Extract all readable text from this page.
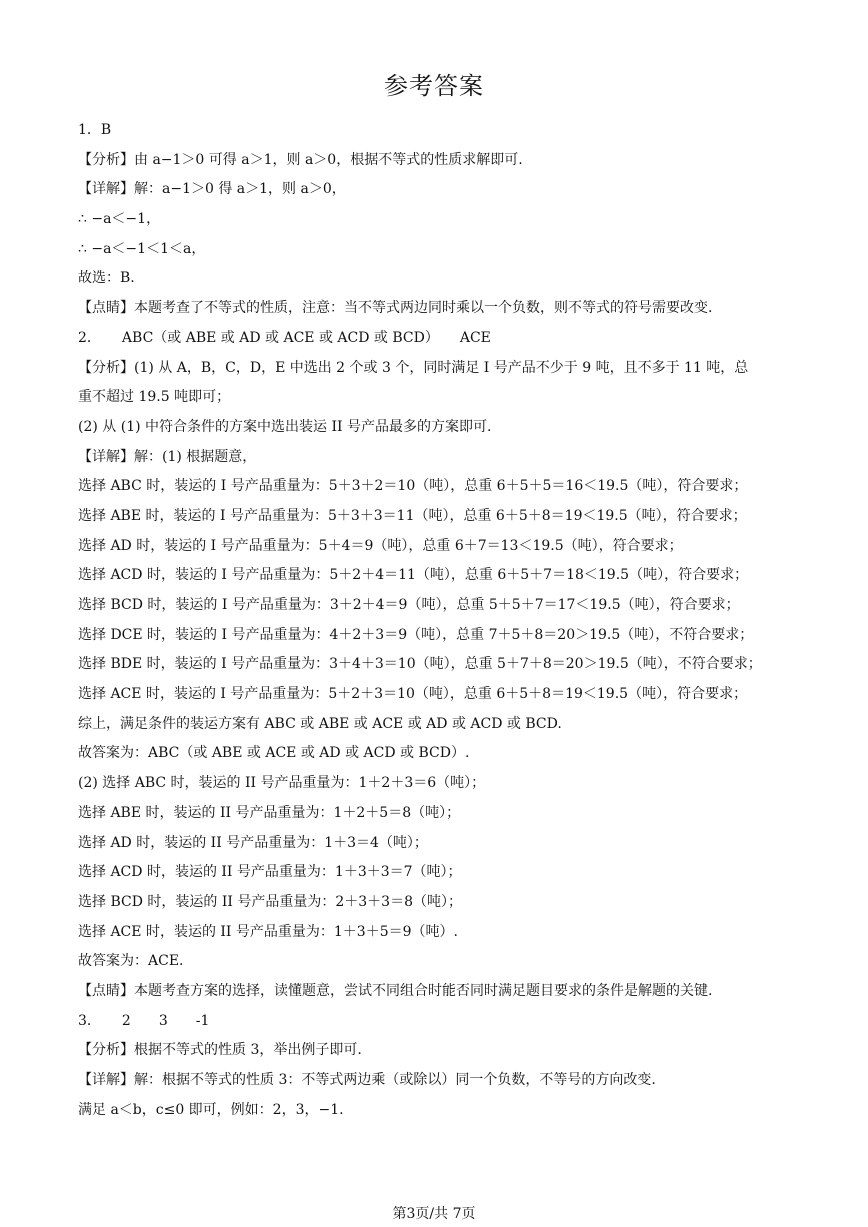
参考答案
1．B
【分析】由 a−1＞0 可得 a＞1，则 a＞0，根据不等式的性质求解即可.
【详解】解：a−1＞0 得 a＞1，则 a＞0，
∴ −a＜−1，
∴ −a＜−1＜1＜a，
故选：B.
【点睛】本题考查了不等式的性质，注意：当不等式两边同时乘以一个负数，则不等式的符号需要改变.
2．　　ABC（或 ABE 或 AD 或 ACE 或 ACD 或 BCD）　　ACE
【分析】(1) 从 A，B，C，D，E 中选出 2 个或 3 个，同时满足 I 号产品不少于 9 吨，且不多于 11 吨，总
重不超过 19.5 吨即可；
(2) 从 (1) 中符合条件的方案中选出装运 II 号产品最多的方案即可.
【详解】解：(1) 根据题意，
选择 ABC 时，装运的 I 号产品重量为：5＋3＋2＝10（吨），总重 6＋5＋5＝16＜19.5（吨），符合要求；
选择 ABE 时，装运的 I 号产品重量为：5＋3＋3＝11（吨），总重 6＋5＋8＝19＜19.5（吨），符合要求；
选择 AD 时，装运的 I 号产品重量为：5＋4＝9（吨），总重 6＋7＝13＜19.5（吨），符合要求；
选择 ACD 时，装运的 I 号产品重量为：5＋2＋4＝11（吨），总重 6＋5＋7＝18＜19.5（吨），符合要求；
选择 BCD 时，装运的 I 号产品重量为：3＋2＋4＝9（吨），总重 5＋5＋7＝17＜19.5（吨），符合要求；
选择 DCE 时，装运的 I 号产品重量为：4＋2＋3＝9（吨），总重 7＋5＋8＝20＞19.5（吨），不符合要求；
选择 BDE 时，装运的 I 号产品重量为：3＋4＋3＝10（吨），总重 5＋7＋8＝20＞19.5（吨），不符合要求；
选择 ACE 时，装运的 I 号产品重量为：5＋2＋3＝10（吨），总重 6＋5＋8＝19＜19.5（吨），符合要求；
综上，满足条件的装运方案有 ABC 或 ABE 或 ACE 或 AD 或 ACD 或 BCD.
故答案为：ABC（或 ABE 或 ACE 或 AD 或 ACD 或 BCD）.
(2) 选择 ABC 时，装运的 II 号产品重量为：1＋2＋3＝6（吨）；
选择 ABE 时，装运的 II 号产品重量为：1＋2＋5＝8（吨）；
选择 AD 时，装运的 II 号产品重量为：1＋3＝4（吨）；
选择 ACD 时，装运的 II 号产品重量为：1＋3＋3＝7（吨）；
选择 BCD 时，装运的 II 号产品重量为：2＋3＋3＝8（吨）；
选择 ACE 时，装运的 II 号产品重量为：1＋3＋5＝9（吨）.
故答案为：ACE.
【点睛】本题考查方案的选择，读懂题意，尝试不同组合时能否同时满足题目要求的条件是解题的关键.
3．　　2　　3　　-1
【分析】根据不等式的性质 3，举出例子即可.
【详解】解：根据不等式的性质 3：不等式两边乘（或除以）同一个负数，不等号的方向改变.
满足 a＜b，c≤0 即可，例如：2，3，−1.
第3页/共 7页
